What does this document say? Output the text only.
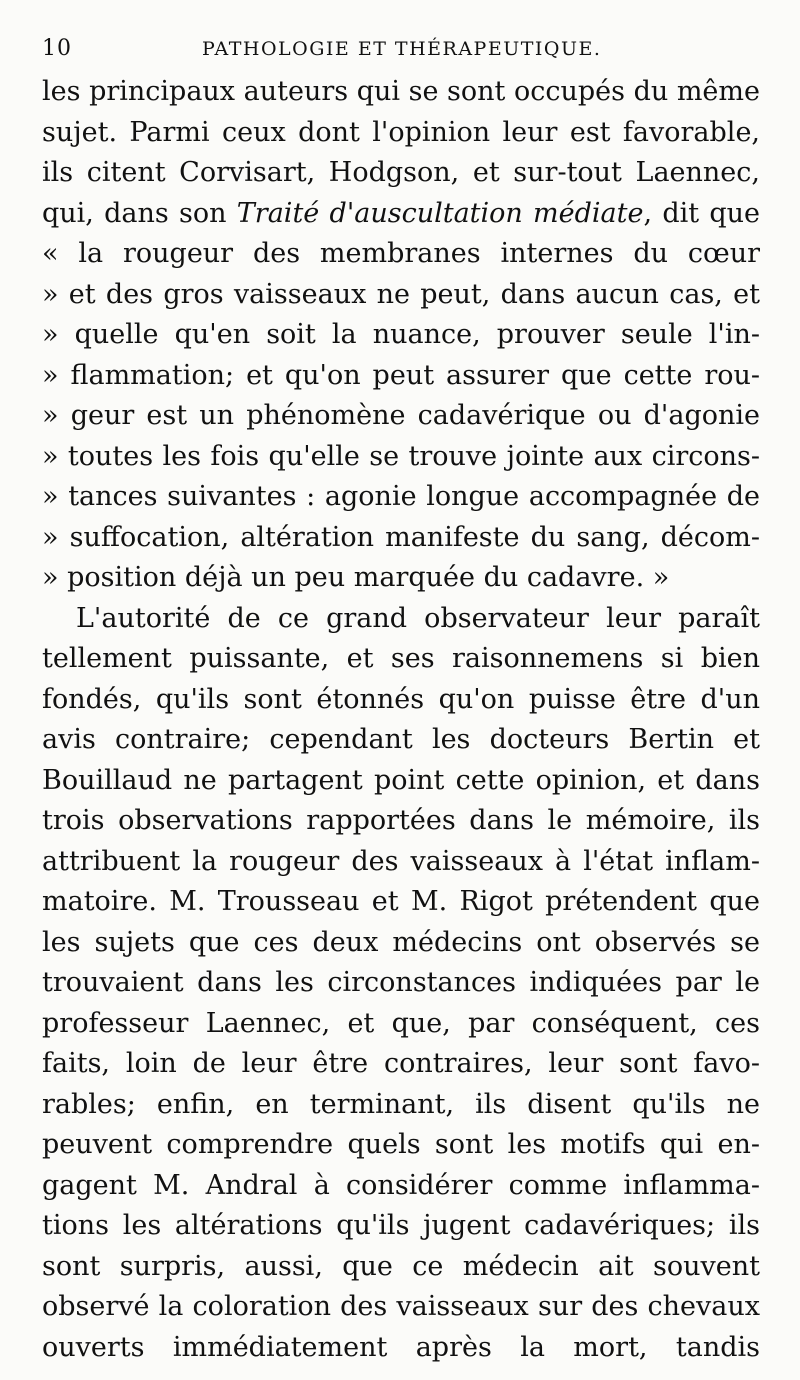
10	PATHOLOGIE ET THÉRAPEUTIQUE.
les principaux auteurs qui se sont occupés du même
sujet. Parmi ceux dont l'opinion leur est favorable,
ils citent Corvisart, Hodgson, et sur-tout Laennec,
qui, dans son Traité d'auscultation médiate, dit que
« la rougeur des membranes internes du cœur
» et des gros vaisseaux ne peut, dans aucun cas, et
» quelle qu'en soit la nuance, prouver seule l'in-
» flammation; et qu'on peut assurer que cette rou-
» geur est un phénomène cadavérique ou d'agonie
» toutes les fois qu'elle se trouve jointe aux circons-
» tances suivantes : agonie longue accompagnée de
» suffocation, altération manifeste du sang, décom-
» position déjà un peu marquée du cadavre. »
L'autorité de ce grand observateur leur paraît
tellement puissante, et ses raisonnemens si bien
fondés, qu'ils sont étonnés qu'on puisse être d'un
avis contraire; cependant les docteurs Bertin et
Bouillaud ne partagent point cette opinion, et dans
trois observations rapportées dans le mémoire, ils
attribuent la rougeur des vaisseaux à l'état inflam-
matoire. M. Trousseau et M. Rigot prétendent que
les sujets que ces deux médecins ont observés se
trouvaient dans les circonstances indiquées par le
professeur Laennec, et que, par conséquent, ces
faits, loin de leur être contraires, leur sont favo-
rables; enfin, en terminant, ils disent qu'ils ne
peuvent comprendre quels sont les motifs qui en-
gagent M. Andral à considérer comme inflamma-
tions les altérations qu'ils jugent cadavériques; ils
sont surpris, aussi, que ce médecin ait souvent
observé la coloration des vaisseaux sur des chevaux
ouverts immédiatement après la mort, tandis
